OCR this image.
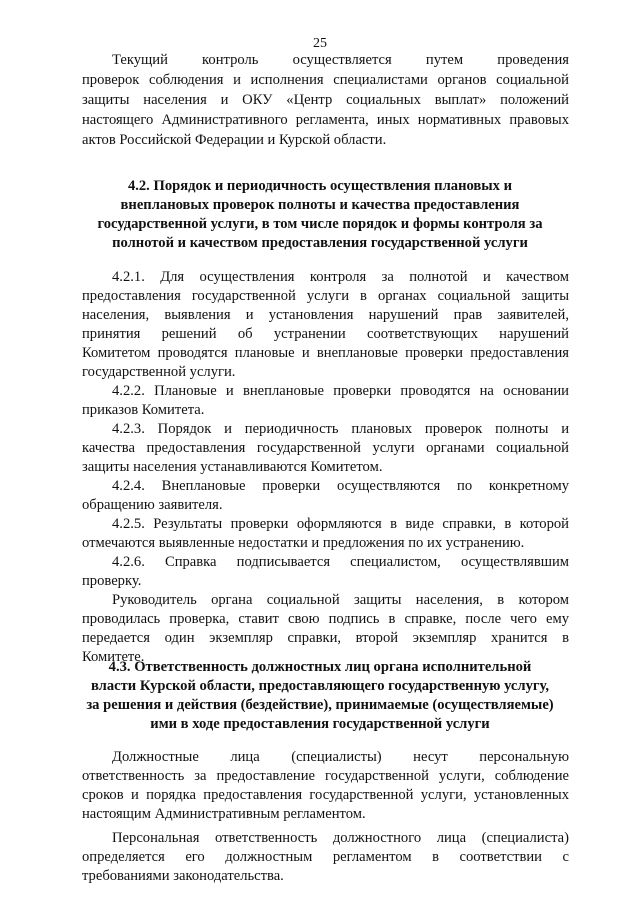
25
Текущий контроль осуществляется путем проведения
проверок соблюдения и исполнения специалистами органов социальной
защиты населения и ОКУ «Центр социальных выплат» положений
настоящего Административного регламента, иных нормативных правовых
актов Российской Федерации и Курской области.
4.2. Порядок и периодичность осуществления плановых и
внеплановых проверок полноты и качества предоставления
государственной услуги, в том числе порядок и формы контроля за
полнотой и качеством предоставления государственной услуги
4.2.1. Для осуществления контроля за полнотой и качеством
предоставления государственной услуги в органах социальной защиты
населения, выявления и установления нарушений прав заявителей,
принятия решений об устранении соответствующих нарушений
Комитетом проводятся плановые и внеплановые проверки предоставления
государственной услуги.
4.2.2. Плановые и внеплановые проверки проводятся на основании
приказов Комитета.
4.2.3. Порядок и периодичность плановых проверок полноты и
качества предоставления государственной услуги органами социальной
защиты населения устанавливаются Комитетом.
4.2.4. Внеплановые проверки осуществляются по конкретному
обращению заявителя.
4.2.5. Результаты проверки оформляются в виде справки, в которой
отмечаются выявленные недостатки и предложения по их устранению.
4.2.6. Справка подписывается специалистом, осуществлявшим
проверку.
Руководитель органа социальной защиты населения, в котором
проводилась проверка, ставит свою подпись в справке, после чего ему
передается один экземпляр справки, второй экземпляр хранится в
Комитете.
4.3. Ответственность должностных лиц органа исполнительной
власти Курской области, предоставляющего государственную услугу,
за решения и действия (бездействие), принимаемые (осуществляемые)
ими в ходе предоставления государственной услуги
Должностные лица (специалисты) несут персональную
ответственность за предоставление государственной услуги, соблюдение
сроков и порядка предоставления государственной услуги, установленных
настоящим Административным регламентом.
Персональная ответственность должностного лица (специалиста)
определяется его должностным регламентом в соответствии с
требованиями законодательства.
